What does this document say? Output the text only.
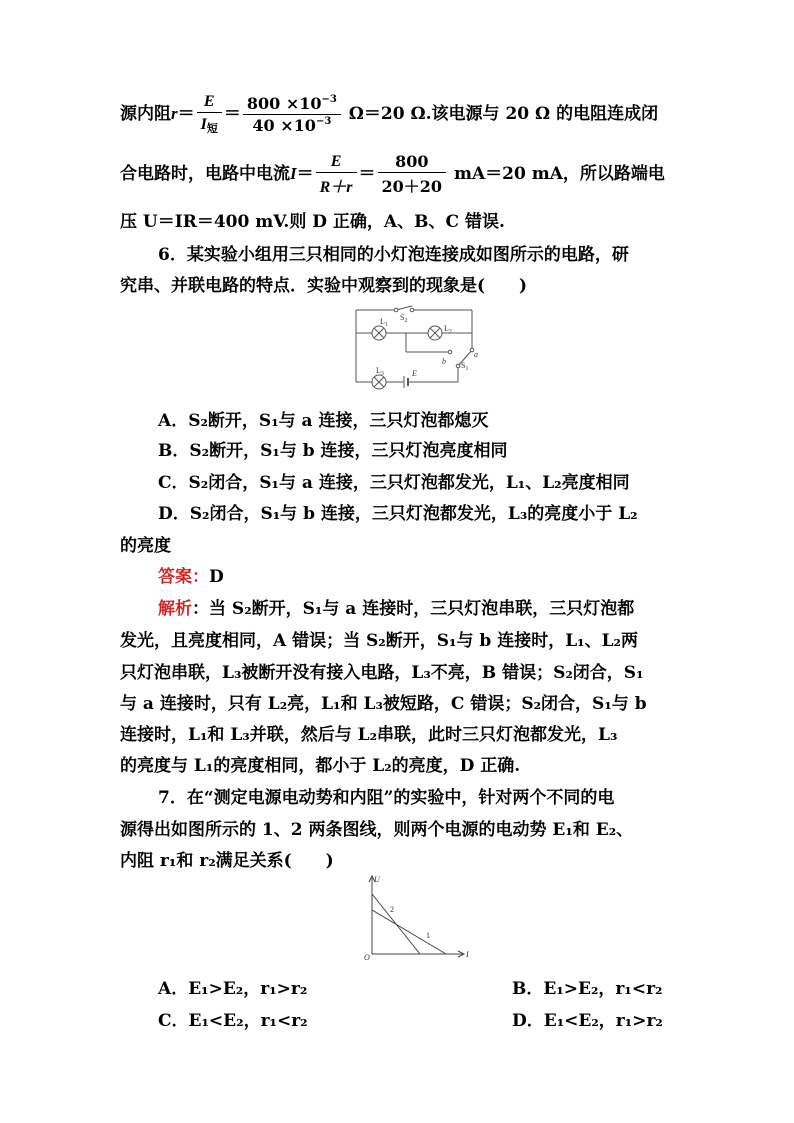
源内阻$r= \frac{E}{I_短} = \frac{800 \times 10^{-3}}{40 \times 10^{-3}} \Omega=20$ Ω.该电源与 20 Ω 的电阻连成闭
合电路时，电路中电流$I= \frac{E}{R+r} = \frac{800}{20+20} mA=20$ mA，所以路端电
压 U＝IR＝400 mV.则 D 正确，A、B、C 错误.
6．某实验小组用三只相同的小灯泡连接成如图所示的电路，研
究串、并联电路的特点．实验中观察到的现象是(　　)
$S_2$
$L_1$	$L_2$
$L_3$
$S_1$
a
b
E
A．S₂断开，S₁与 a 连接，三只灯泡都熄灭
B．S₂断开，S₁与 b 连接，三只灯泡亮度相同
C．S₂闭合，S₁与 a 连接，三只灯泡都发光，L₁、L₂亮度相同
D．S₂闭合，S₁与 b 连接，三只灯泡都发光，L₃的亮度小于 L₂
的亮度
答案：D
解析：当 S₂断开，S₁与 a 连接时，三只灯泡串联，三只灯泡都
发光，且亮度相同，A 错误；当 S₂断开，S₁与 b 连接时，L₁、L₂两
只灯泡串联，L₃被断开没有接入电路，L₃不亮，B 错误；S₂闭合，S₁
与 a 连接时，只有 L₂亮，L₁和 L₃被短路，C 错误；S₂闭合，S₁与 b
连接时，L₁和 L₃并联，然后与 L₂串联，此时三只灯泡都发光，L₃
的亮度与 L₁的亮度相同，都小于 L₂的亮度，D 正确.
7．在“测定电源电动势和内阻”的实验中，针对两个不同的电
源得出如图所示的 1、2 两条图线，则两个电源的电动势 E₁和 E₂、
内阻 r₁和 r₂满足关系(　　)
U
I
O
1
2
A．E₁>E₂，r₁>r₂	B．E₁>E₂，r₁<r₂
C．E₁<E₂，r₁<r₂	D．E₁<E₂，r₁>r₂
